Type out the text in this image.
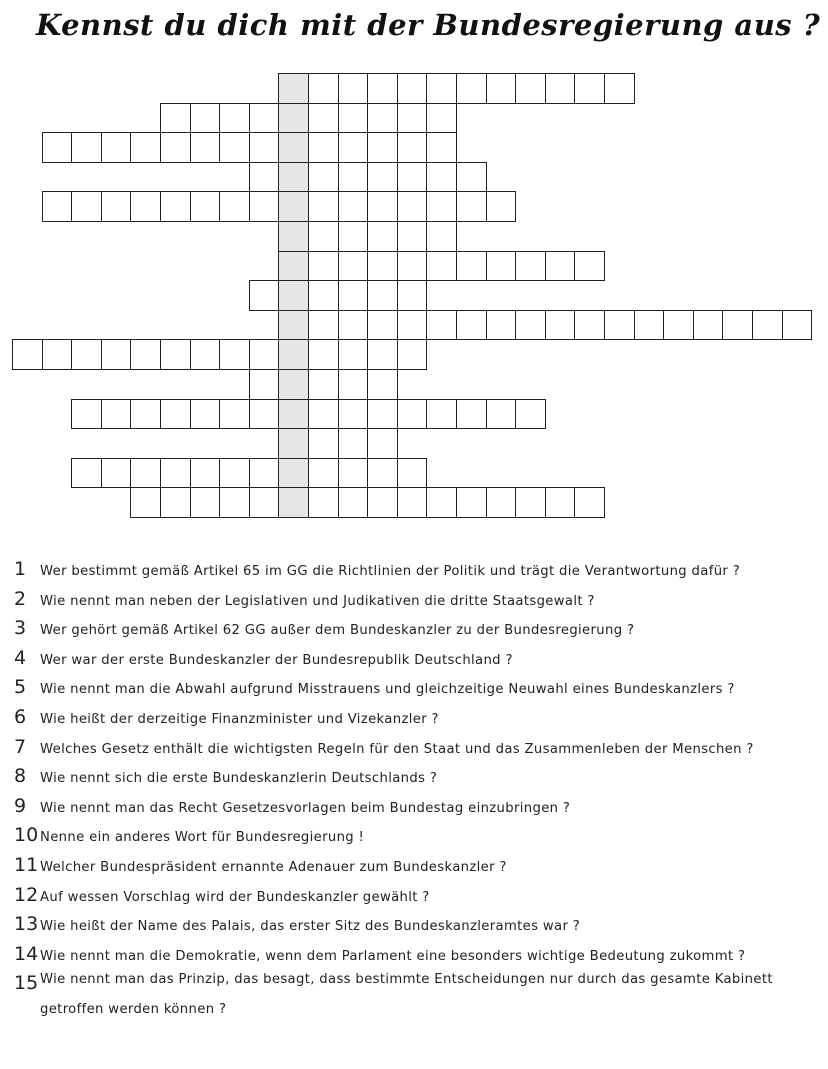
Kennst du dich mit der Bundesregierung aus ?
1	Wer bestimmt gemäß Artikel 65 im GG die Richtlinien der Politik und trägt die Verantwortung dafür ?
2	Wie nennt man neben der Legislativen und Judikativen die dritte Staatsgewalt ?
3	Wer gehört gemäß Artikel 62 GG außer dem Bundeskanzler zu der Bundesregierung ?
4	Wer war der erste Bundeskanzler der Bundesrepublik Deutschland ?
5	Wie nennt man die Abwahl aufgrund Misstrauens und gleichzeitige Neuwahl eines Bundeskanzlers ?
6	Wie heißt der derzeitige Finanzminister und Vizekanzler ?
7	Welches Gesetz enthält die wichtigsten Regeln für den Staat und das Zusammenleben der Menschen ?
8	Wie nennt sich die erste Bundeskanzlerin Deutschlands ?
9	Wie nennt man das Recht Gesetzesvorlagen beim Bundestag einzubringen ?
10 Nenne ein anderes Wort für Bundesregierung !
11 Welcher Bundespräsident ernannte Adenauer zum Bundeskanzler ?
12 Auf wessen Vorschlag wird der Bundeskanzler gewählt ?
13 Wie heißt der Name des Palais, das erster Sitz des Bundeskanzleramtes war ?
14 Wie nennt man die Demokratie, wenn dem Parlament eine besonders wichtige Bedeutung zukommt ?
15 Wie nennt man das Prinzip, das besagt, dass bestimmte Entscheidungen nur durch das gesamte Kabinett getroffen werden können ?
